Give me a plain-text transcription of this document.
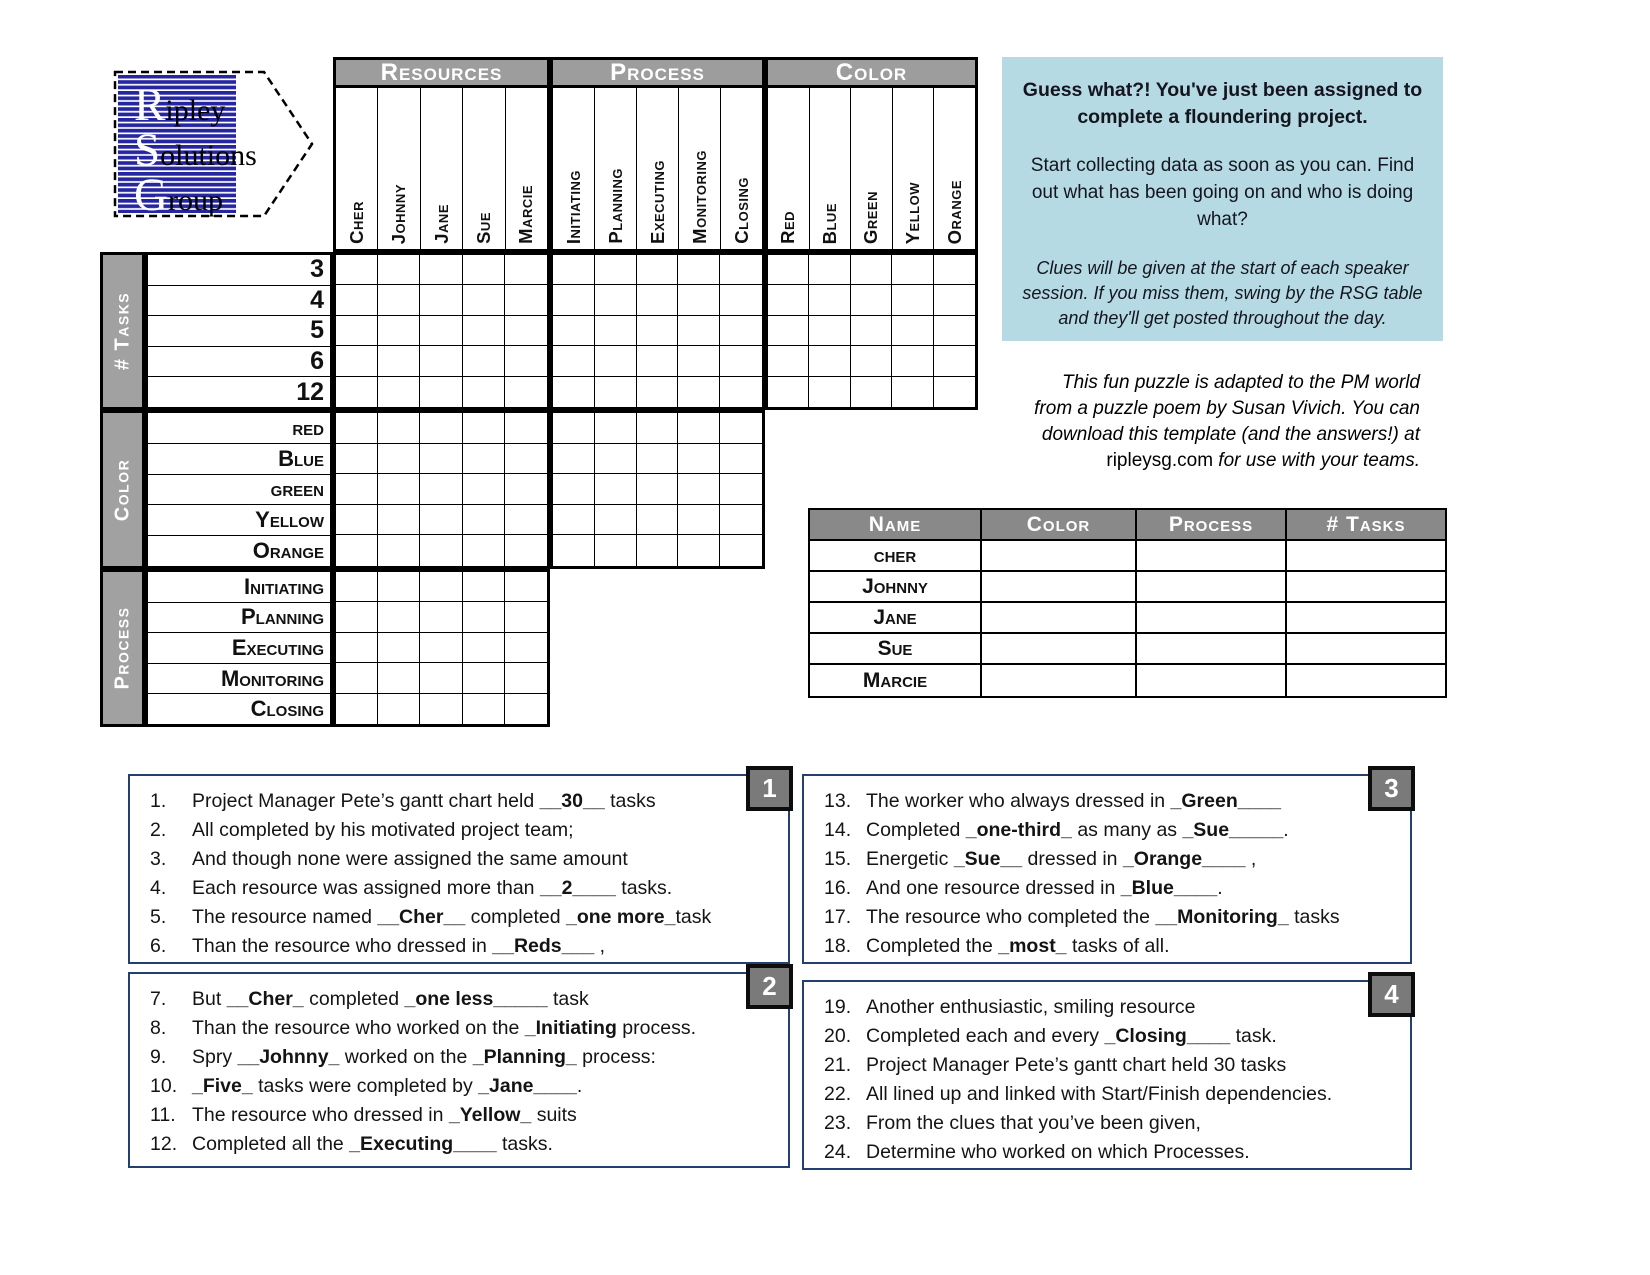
Ripley
Solutions
Group
Guess what?! You've just been assigned to complete a floundering project.
Start collecting data as soon as you can. Find out what has been going on and who is doing what?
Clues will be given at the start of each speaker session. If you miss them, swing by the RSG table and they'll get posted throughout the day.
This fun puzzle is adapted to the PM world from a puzzle poem by Susan Vivich. You can download this template (and the answers!) at ripleysg.com for use with your teams.
Resources
Cher Johnny Jane Sue Marcie
Process
Initiating Planning Executing Monitoring Closing
Color
Red Blue Green Yellow Orange
# Tasks
3
4
5
6
12
Color
red
Blue
green
Yellow
Orange
Process
Initiating
Planning
Executing
Monitoring
Closing
Name	Color	Process	# Tasks
cher
Johnny
Jane
Sue
Marcie
1.	Project Manager Pete’s gantt chart held __30__ tasks
2.	All completed by his motivated project team;
3.	And though none were assigned the same amount
4.	Each resource was assigned more than __2____ tasks.
5.	The resource named __Cher__ completed _one more_task
6.	Than the resource who dressed in __Reds___ ,
1
7.	But __Cher_ completed _one less_____ task
8.	Than the resource who worked on the _Initiating process.
9.	Spry __Johnny_ worked on the _Planning_ process:
10. _Five_ tasks were completed by _Jane____.
11. The resource who dressed in _Yellow_ suits
12. Completed all the _Executing____ tasks.
2
13. The worker who always dressed in _Green____
14. Completed _one-third_ as many as _Sue_____.
15. Energetic _Sue__ dressed in _Orange____ ,
16. And one resource dressed in _Blue____.
17. The resource who completed the __Monitoring_ tasks
18. Completed the _most_ tasks of all.
3
19. Another enthusiastic, smiling resource
20. Completed each and every _Closing____ task.
21. Project Manager Pete’s gantt chart held 30 tasks
22. All lined up and linked with Start/Finish dependencies.
23. From the clues that you’ve been given,
24. Determine who worked on which Processes.
4
